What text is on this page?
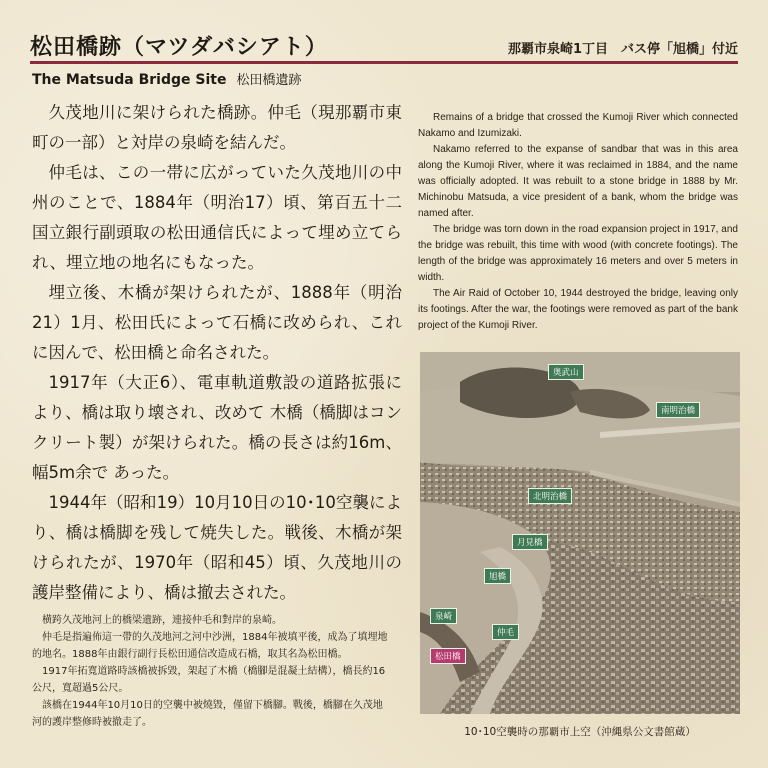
松田橋跡（マツダバシアト）	那覇市泉崎1丁目　バス停「旭橋」付近
The Matsuda Bridge Site 松田橋遺跡

久茂地川に架けられた橋跡。仲毛（現那覇市東町の一部）と対岸の泉崎を結んだ。

仲毛は、この一帯に広がっていた久茂地川の中州のことで、1884年（明治17）頃、第百五十二国立銀行副頭取の松田通信氏によって埋め立てられ、埋立地の地名にもなった。

埋立後、木橋が架けられたが、1888年（明治21）1月、松田氏によって石橋に改められ、これに因んで、松田橋と命名された。

1917年（大正6）、電車軌道敷設の道路拡張により、橋は取り壊され、改めて 木橋（橋脚はコンクリート製）が架けられた。橋の長さは約16m、幅5m余で あった。

1944年（昭和19）10月10日の10･10空襲により、橋は橋脚を残して焼失した。戦後、木橋が架けられたが、1970年（昭和45）頃、久茂地川の護岸整備により、橋は撤去された。

横跨久茂地河上的橋梁遺跡，連接仲毛和對岸的泉崎。

仲毛是指遍佈這一帶的久茂地河之河中沙洲，1884年被填平後，成為了填埋地的地名。1888年由銀行副行長松田通信改造成石橋，取其名為松田橋。

1917年拓寬道路時該橋被拆毀，架起了木橋（橋腳是混凝土結構），橋長約16公尺，寬超過5公尺。

該橋在1944年10月10日的空襲中被燒毀，僅留下橋腳。戰後，橋腳在久茂地河的護岸整修時被撤走了。

Remains of a bridge that crossed the Kumoji River which connected Nakamo and Izumizaki.

Nakamo referred to the expanse of sandbar that was in this area along the Kumoji River, where it was reclaimed in 1884, and the name was officially adopted. It was rebuilt to a stone bridge in 1888 by Mr. Michinobu Matsuda, a vice president of a bank, whom the bridge was named after.

The bridge was torn down in the road expansion project in 1917, and the bridge was rebuilt, this time with wood (with concrete footings). The length of the bridge was approximately 16 meters and over 5 meters in width.

The Air Raid of October 10, 1944 destroyed the bridge, leaving only its footings. After the war, the footings were removed as part of the bank project of the Kumoji River.

奥武山
南明治橋
北明治橋
月見橋
旭橋
泉崎
仲毛
松田橋
10･10空襲時の那覇市上空（沖縄県公文書館蔵）
